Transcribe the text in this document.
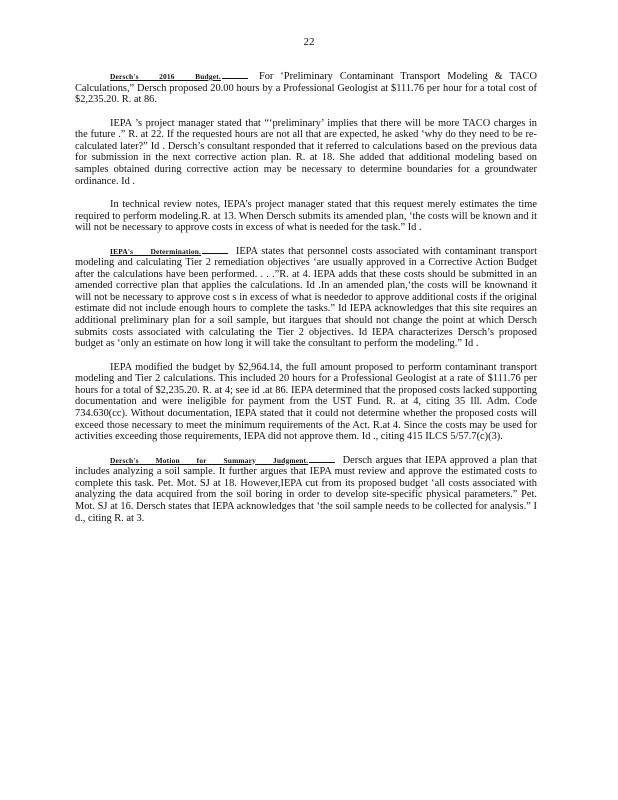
22

Dersch's 2016 Budget.	For ‘Preliminary Contaminant Transport Modeling & TACO Calculations,” Dersch proposed 20.00 hours by a Professional Geologist at $111.76 per hour for a total cost of $2,235.20. R. at 86.

IEPA ’s project manager stated that “‘preliminary’ implies that there will be more TACO charges in the future .” R. at 22. If the requested hours are not all that are expected, he asked ‘why do they need to be re-calculated later?” Id . Dersch’s consultant responded that it referred to calculations based on the previous data for submission in the next corrective action plan. R. at 18. She added that additional modeling based on samples obtained during corrective action may be necessary to determine boundaries for a groundwater ordinance. Id .

In technical review notes, IEPA’s project manager stated that this request merely estimates the time required to perform modeling.R. at 13. When Dersch submits its amended plan, ‘the costs will be known and it will not be necessary to approve costs in excess of what is needed for the task.” Id .

IEPA's Determination.	IEPA states that personnel costs associated with contaminant transport modeling and calculating Tier 2 remediation objectives ‘are usually approved in a Corrective Action Budget after the calculations have been performed. . . .”R. at 4. IEPA adds that these costs should be submitted in an amended corrective plan that applies the calculations. Id .In an amended plan,‘the costs will be knownand it will not be necessary to approve cost s in excess of what is neededor to approve additional costs if the original estimate did not include enough hours to complete the tasks.” Id IEPA acknowledges that this site requires an additional preliminary plan for a soil sample, but itargues that should not change the point at which Dersch submits costs associated with calculating the Tier 2 objectives. Id IEPA characterizes Dersch’s proposed budget as ‘only an estimate on how long it will take the consultant to perform the modeling.” Id .

IEPA modified the budget by $2,964.14, the full amount proposed to perform contaminant transport modeling and Tier 2 calculations. This included 20 hours for a Professional Geologist at a rate of $111.76 per hours for a total of $2,235.20. R. at 4; see id .at 86. IEPA determined that the proposed costs lacked supporting documentation and were ineligible for payment from the UST Fund. R. at 4, citing 35 Ill. Adm. Code 734.630(cc). Without documentation, IEPA stated that it could not determine whether the proposed costs will exceed those necessary to meet the minimum requirements of the Act. R.at 4. Since the costs may be used for activities exceeding those requirements, IEPA did not approve them. Id ., citing 415 ILCS 5/57.7(c)(3).

Dersch's Motion for Summary Judgment.	Dersch argues that IEPA approved a plan that includes analyzing a soil sample. It further argues that IEPA must review and approve the estimated costs to complete this task. Pet. Mot. SJ at 18. However,IEPA cut from its proposed budget ‘all costs associated with analyzing the data acquired from the soil boring in order to develop site-specific physical parameters.” Pet. Mot. SJ at 16. Dersch states that IEPA acknowledges that ‘the soil sample needs to be collected for analysis.” I d., citing R. at 3.
